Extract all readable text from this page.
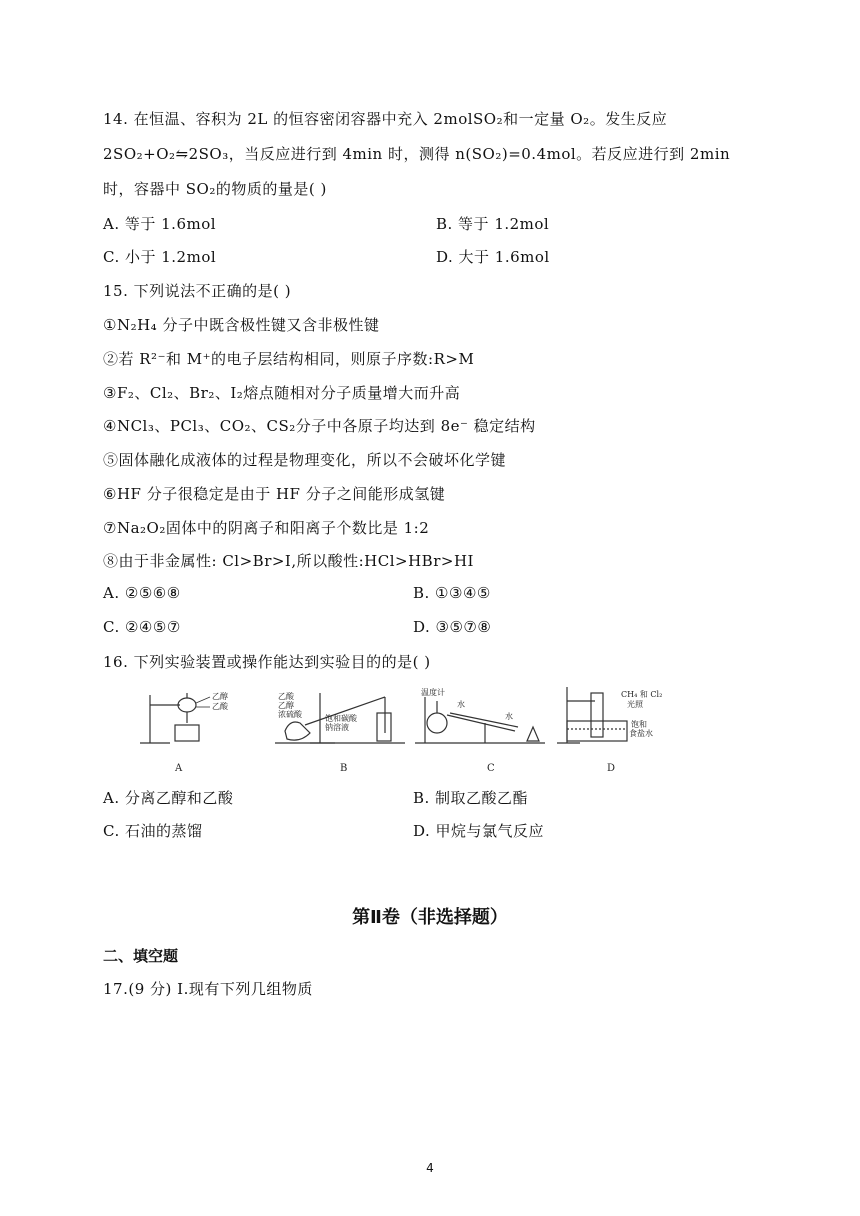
14. 在恒温、容积为 2L 的恒容密闭容器中充入 2molSO₂和一定量 O₂。发生反应
2SO₂+O₂⇋2SO₃，当反应进行到 4min 时，测得 n(SO₂)=0.4mol。若反应进行到 2min
时，容器中 SO₂的物质的量是( )
A. 等于 1.6mol	B. 等于 1.2mol
C. 小于 1.2mol	D. 大于 1.6mol
15. 下列说法不正确的是( )
①N₂H₄ 分子中既含极性键又含非极性键
②若 R²⁻和 M⁺的电子层结构相同，则原子序数:R>M
③F₂、Cl₂、Br₂、I₂熔点随相对分子质量增大而升高
④NCl₃、PCl₃、CO₂、CS₂分子中各原子均达到 8e⁻ 稳定结构
⑤固体融化成液体的过程是物理变化，所以不会破坏化学键
⑥HF 分子很稳定是由于 HF 分子之间能形成氢键
⑦Na₂O₂固体中的阴离子和阳离子个数比是 1:2
⑧由于非金属性: Cl>Br>I,所以酸性:HCl>HBr>HI
A. ②⑤⑥⑧	B. ①③④⑤
C. ②④⑤⑦	D. ③⑤⑦⑧
16. 下列实验装置或操作能达到实验目的的是( )
乙醇
乙酸
A
乙酸
乙醇
浓硫酸	饱和碳酸
钠溶液
B
温度计
水
水
C
CH₄ 和 Cl₂
光照
饱和
食盐水
D
A. 分离乙醇和乙酸	B. 制取乙酸乙酯
C. 石油的蒸馏	D. 甲烷与氯气反应
第Ⅱ卷（非选择题）
二、填空题
17.(9 分) I.现有下列几组物质
4
